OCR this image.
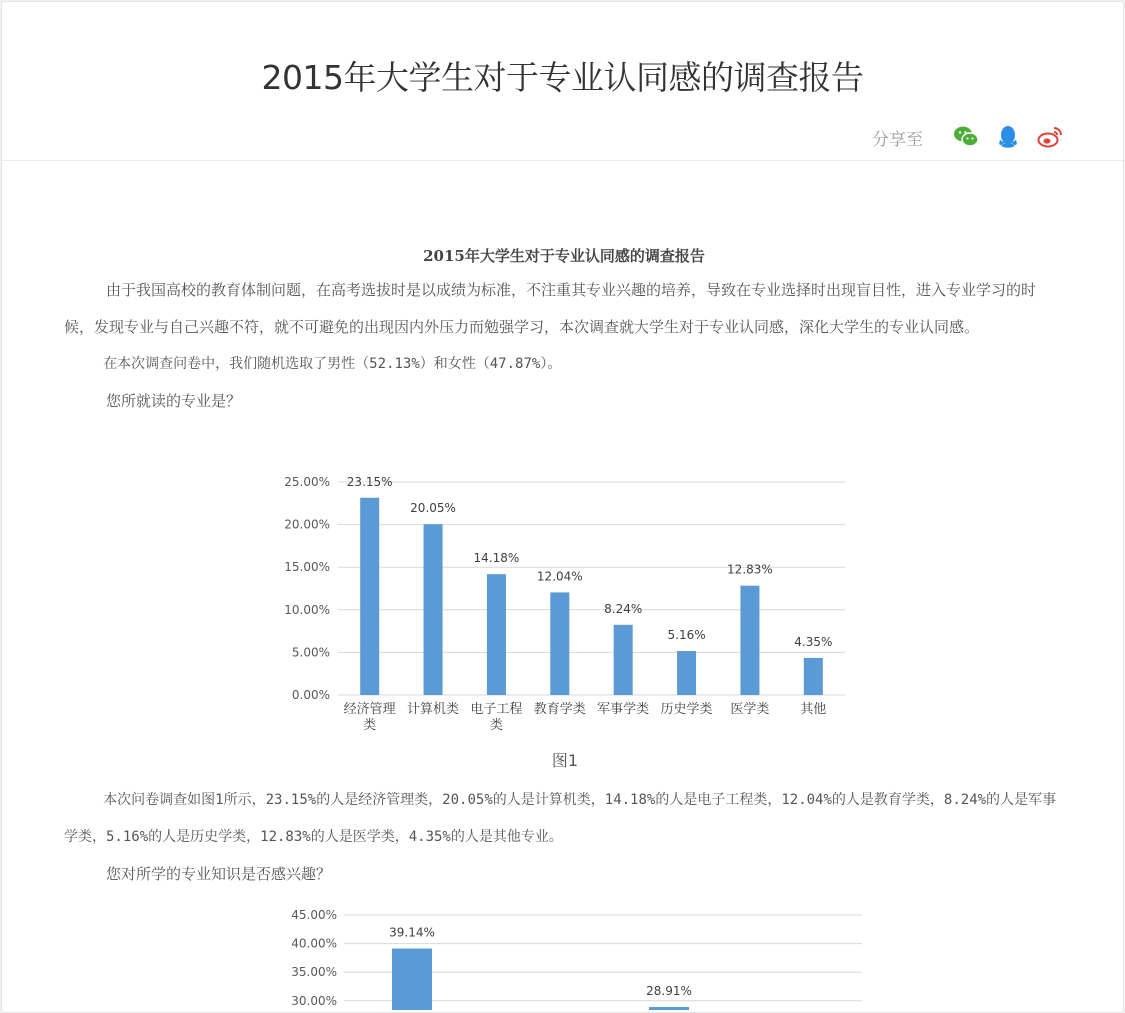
2015年大学生对于专业认同感的调查报告
分享至
2015年大学生对于专业认同感的调查报告

由于我国高校的教育体制问题，在高考选拔时是以成绩为标准，不注重其专业兴趣的培养，导致在专业选择时出现盲目性，进入专业学习的时候，发现专业与自己兴趣不符，就不可避免的出现因内外压力而勉强学习，本次调查就大学生对于专业认同感，深化大学生的专业认同感。

在本次调查问卷中，我们随机选取了男性（52.13%）和女性（47.87%）。

您所就读的专业是？

0.00%
5.00%
10.00%
15.00%
20.00%
25.00% 23.15%
经济管理
类
20.05%
计算机类
14.18%
电子工程
类
12.04%
教育学类
8.24%
军事学类
5.16%
历史学类
12.83%
医学类
4.35%
其他
图1

本次问卷调查如图1所示，23.15%的人是经济管理类，20.05%的人是计算机类，14.18%的人是电子工程类，12.04%的人是教育学类，8.24%的人是军事学类，5.16%的人是历史学类，12.83%的人是医学类，4.35%的人是其他专业。

您对所学的专业知识是否感兴趣？

30.00%
35.00%
40.00%
45.00%
39.14%
28.91%
